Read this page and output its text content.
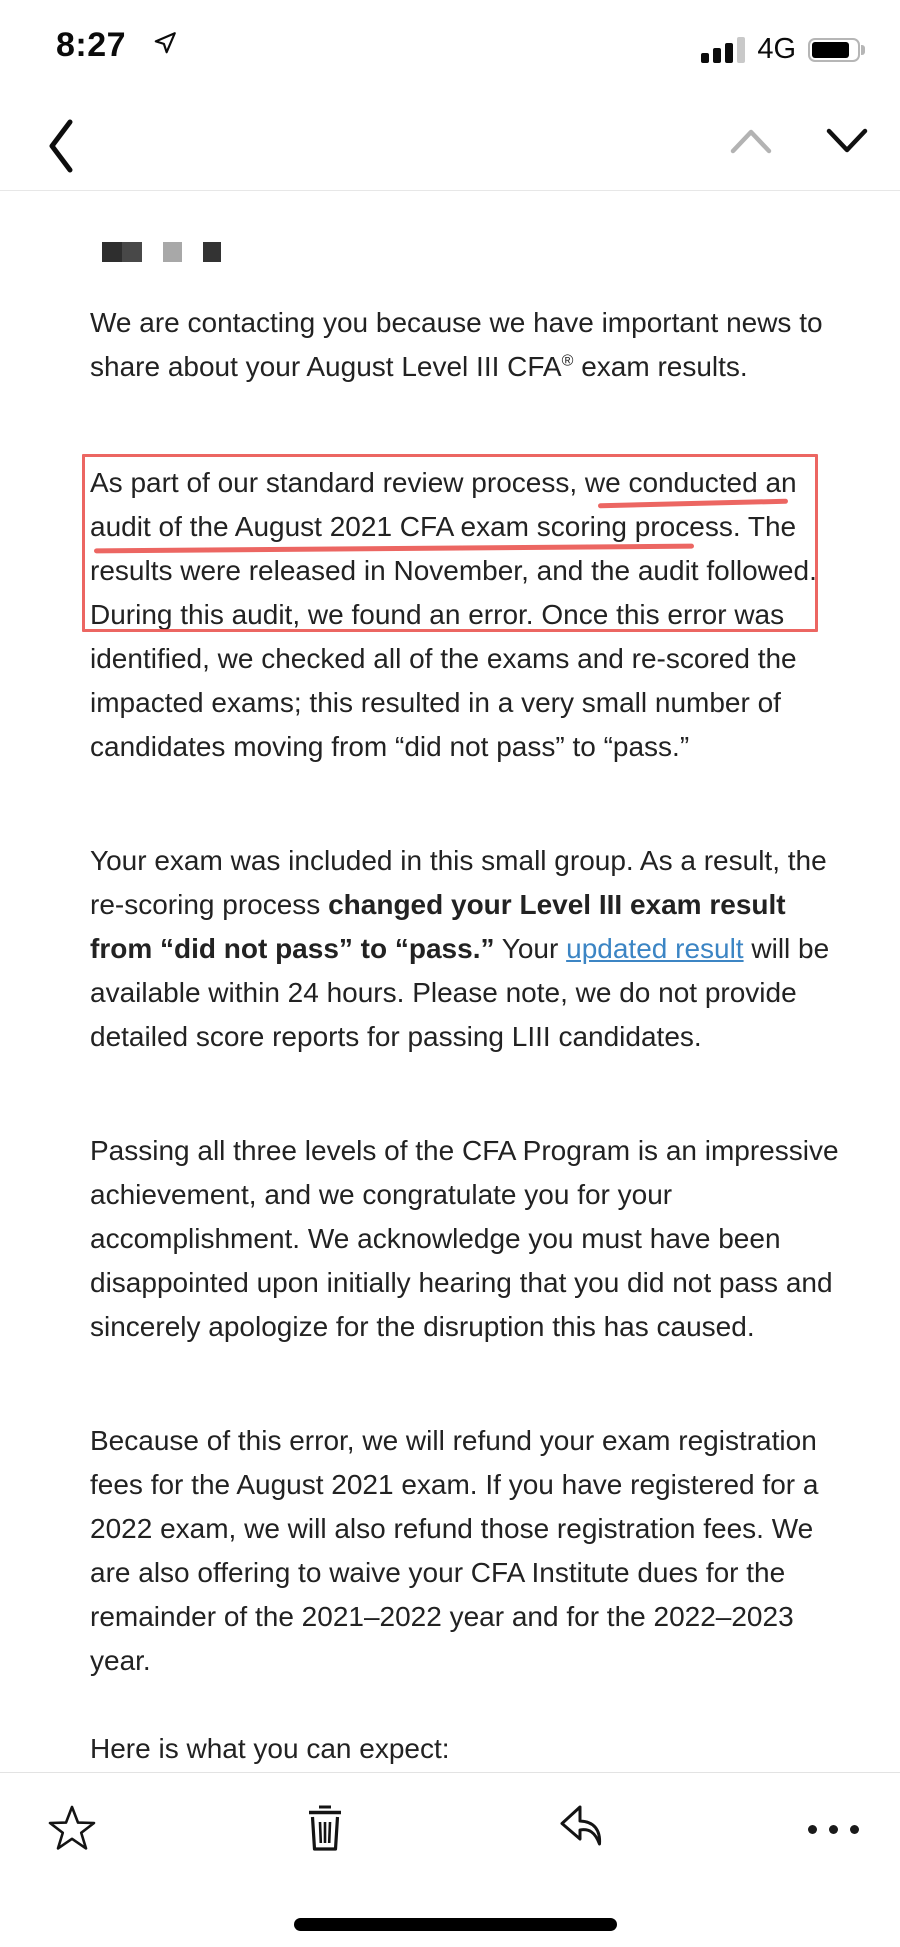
8:27	4G
We are contacting you because we have important news to
share about your August Level III CFA® exam results.
As part of our standard review process, we conducted an
audit of the August 2021 CFA exam scoring process. The
results were released in November, and the audit followed.
During this audit, we found an error. Once this error was
identified, we checked all of the exams and re-scored the
impacted exams; this resulted in a very small number of
candidates moving from “did not pass” to “pass.”
Your exam was included in this small group. As a result, the
re-scoring process changed your Level III exam result
from “did not pass” to “pass.” Your updated result will be
available within 24 hours. Please note, we do not provide
detailed score reports for passing LIII candidates.
Passing all three levels of the CFA Program is an impressive
achievement, and we congratulate you for your
accomplishment. We acknowledge you must have been
disappointed upon initially hearing that you did not pass and
sincerely apologize for the disruption this has caused.
Because of this error, we will refund your exam registration
fees for the August 2021 exam. If you have registered for a
2022 exam, we will also refund those registration fees. We
are also offering to waive your CFA Institute dues for the
remainder of the 2021–2022 year and for the 2022–2023
year.
Here is what you can expect:
